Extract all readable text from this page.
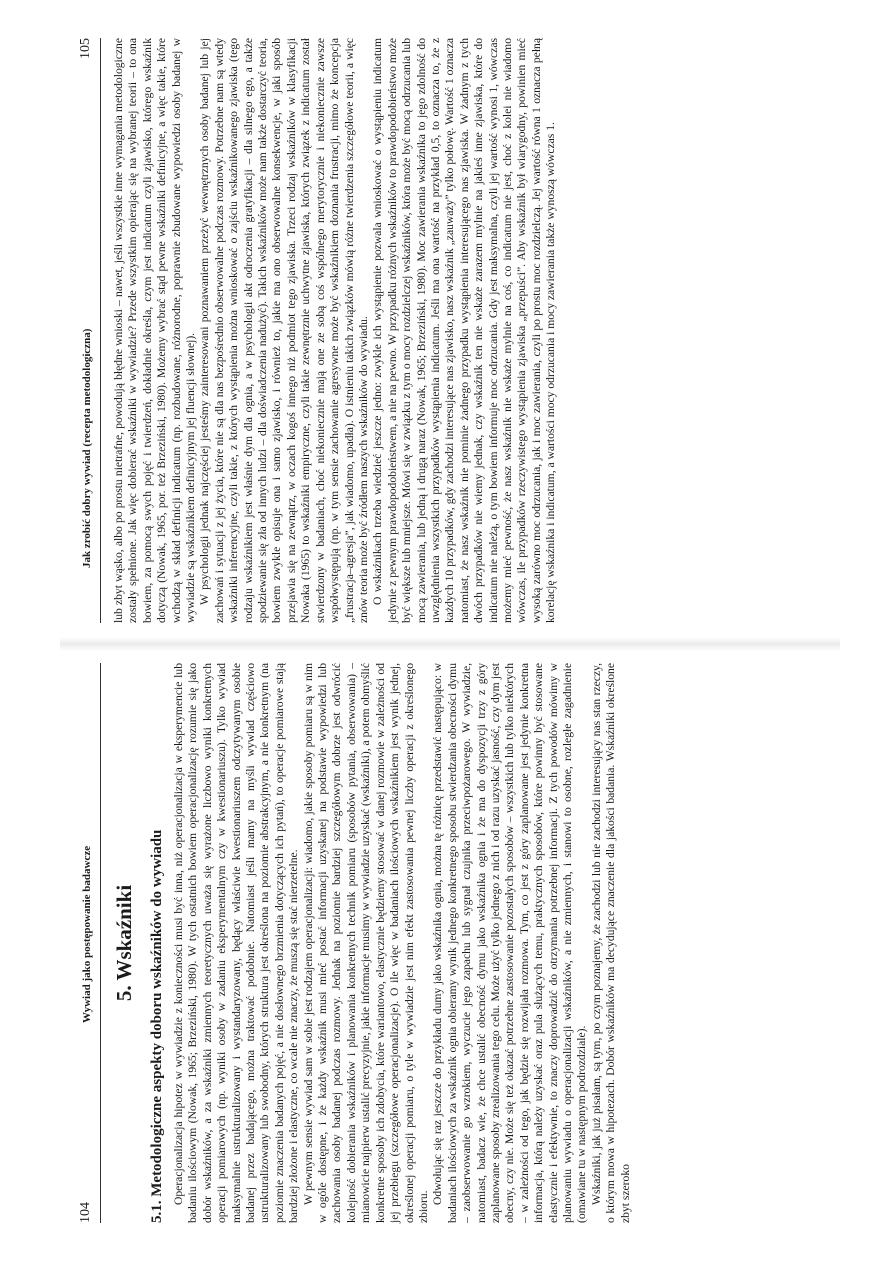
104
Wywiad jako postępowanie badawcze 5. Wskaźniki 5.1. Metodologiczne aspekty doboru wskaźników do wywiadu Operacjonalizacja hipotez w wywiadzie z konieczności musi być inna, niż operacjonalizacja w eksperymencie lub badaniu ilościowym (Nowak, 1965; Brzeziński, 1980). W tych ostatnich bowiem operacjonalizację rozumie się jako dobór wskaźników, a za wskaźniki zmiennych teoretycznych uważa się wyrażone liczbowo wyniki konkretnych operacji pomiarowych (np. wyniki osoby w zadaniu eksperymentalnym czy w kwestionariuszu). Tylko wywiad maksymalnie ustrukturalizowany i wystandaryzowany, będący właściwie kwestionariuszem odczytywanym osobie badanej przez badającego, można traktować podobnie. Natomiast jeśli mamy na myśli wywiad częściowo ustrukturalizowany lub swobodny, których struktura jest określona na poziomie abstrakcyjnym, a nie konkretnym (na poziomie znaczenia badanych pojęć, a nie dosłownego brzmienia dotyczących ich pytań), to operacje pomiarowe stają bardziej złożone i elastyczne, co wcale nie znaczy, że muszą się stać nierzetelne. W pewnym sensie wywiad sam w sobie jest rodzajem operacjonalizacji: wiadomo, jakie sposoby pomiaru są w nim w ogóle dostępne, i że każdy wskaźnik musi mieć postać informacji uzyskanej na podstawie wypowiedzi lub zachowania osoby badanej podczas rozmowy. Jednak na poziomie bardziej szczegółowym dobrze jest odwrócić kolejność dobierania wskaźników i planowania konkretnych technik pomiaru (sposobów pytania, obserwowania) – mianowicie najpierw ustalić precyzyjnie, jakie informacje musimy w wywiadzie uzyskać (wskaźniki), a potem obmyślić konkretne sposoby ich zdobycia, które wariantowo, elastycznie będziemy stosować w danej rozmowie w zależności od jej przebiegu (szczegółowe operacjonalizacje). O ile więc w badaniach ilościowych wskaźnikiem jest wynik jednej, określonej operacji pomiaru, o tyle w wywiadzie jest nim efekt zastosowania pewnej liczby operacji z określonego zbioru.

Odwołując się raz jeszcze do przykładu dumy jako wskaźnika ognia, można tę różnicę przedstawić następująco: w badaniach ilościowych za wskaźnik ognia obieramy wynik jednego konkretnego sposobu stwierdzania obecności dymu – zaobserwowanie go wzrokiem, wyczucie jego zapachu lub sygnał czujnika przeciwpożarowego. W wywiadzie, natomiast, badacz wie, że chce ustalić obecność dymu jako wskaźnika ognia i że ma do dyspozycji trzy z góry zaplanowane sposoby zrealizowania tego celu. Może użyć tylko jednego z nich i od razu uzyskać jasność, czy dym jest obecny, czy nie. Może się też okazać potrzebne zastosowanie pozostałych sposobów – wszystkich lub tylko niektórych – w zależności od tego, jak będzie się rozwijała rozmowa. Tym, co jest z góry zaplanowane jest jedynie konkretna informacja, którą należy uzyskać oraz pula służących temu, praktycznych sposobów, które powinny być stosowane elastycznie i efektywnie, to znaczy doprowadzić do otrzymania potrzebnej informacji. Z tych powodów mówimy w planowaniu wywiadu o operacjonalizacji wskaźników, a nie zmiennych, i stanowi to osobne, rozległe zagadnienie (omawiane tu w następnym podrozdziale). Wskaźniki, jak już pisałam, są tym, po czym poznajemy, że zachodzi lub nie zachodzi interesujący nas stan rzeczy, o którym mowa w hipotezach. Dobór wskaźników ma decydujące znaczenie dla jakości badania. Wskaźniki określone zbyt szeroko

Jak zrobić dobry wywiad (recepta metodologiczna)
105 lub zbyt wąsko, albo po prostu nietrafne, powodują błędne wnioski – nawet, jeśli wszystkie inne wymagania metodologiczne zostały spełnione. Jak więc dobierać wskaźniki w wywiadzie? Przede wszystkim opierając się na wybranej teorii – to ona bowiem, za pomocą swych pojęć i twierdzeń, dokładnie określa, czym jest indicatum czyli zjawisko, którego wskaźnik dotyczą (Nowak, 1965, por. też Brzeziński, 1980). Możemy wybrać stąd pewne wskaźniki definicyjne, a więc takie, które wchodzą w skład definicji indicatum (np. rozbudowane, różnorodne, poprawnie zbudowane wypowiedzi osoby badanej w wywiadzie są wskaźnikiem definicyjnym jej fluencji słownej). W psychologii jednak najczęściej jesteśmy zainteresowani poznawaniem przeżyć wewnętrznych osoby badanej lub jej zachowań i sytuacji z jej życia, które nie są dla nas bezpośrednio obserwowalne podczas rozmowy. Potrzebne nam są wtedy wskaźniki inferencyjne, czyli takie, z których wystąpienia można wnioskować o zajściu wskaźnikowanego zjawiska (tego rodzaju wskaźnikiem jest właśnie dym dla ognia, a w psychologii akt odroczenia gratyfikacji – dla silnego ego, a także spodziewanie się zła od innych ludzi – dla doświadczenia nadużyć). Takich wskaźników może nam także dostarczyć teoria, bowiem zwykle opisuje ona i samo zjawisko, i również to, jakie ma ono obserwowalne konsekwencje, w jaki sposób przejawia się na zewnątrz, w oczach kogoś innego niż podmiot tego zjawiska. Trzeci rodzaj wskaźników w klasyfikacji Nowaka (1965) to wskaźniki empiryczne, czyli takie zewnętrznie uchwytne zjawiska, których związek z indicatum został stwierdzony w badaniach, choć niekoniecznie mają one ze sobą coś wspólnego merytorycznie i niekoniecznie zawsze współwystępują (np. w tym sensie zachowanie agresywne może być wskaźnikiem doznania frustracji, mimo że koncepcja „frustracja–agresja”, jak wiadomo, upadła). O istnieniu takich związków mówią różne twierdzenia szczegółowe teorii, a więc znów teoria może być źródłem naszych wskaźników do wywiadu. O wskaźnikach trzeba wiedzieć jeszcze jedno: zwykle ich wystąpienie pozwala wnioskować o wystąpieniu indicatum jedynie z pewnym prawdopodobieństwem, a nie na pewno. W przypadku różnych wskaźników to prawdopodobieństwo może być większe lub mniejsze. Mówi się w związku z tym o mocy rozdzielczej wskaźników, która może być mocą odrzucania lub mocą zawierania, lub jedną i drugą naraz (Nowak, 1965; Brzeziński, 1980). Moc zawierania wskaźnika to jego zdolność do uwzględnienia wszystkich przypadków wystąpienia indicatum. Jeśli ma ona wartość na przykład 0,5, to oznacza to, że z każdych 10 przypadków, gdy zachodzi interesujące nas zjawisko, nasz wskaźnik „zauważy” tylko połowę. Wartość 1 oznacza natomiast, że nasz wskaźnik nie pominie żadnego przypadku wystąpienia interesującego nas zjawiska. W żadnym z tych dwóch przypadków nie wiemy jednak, czy wskaźnik ten nie wskaże zarazem mylnie na jakieś inne zjawiska, które do indicatum nie należą, o tym bowiem informuje moc odrzucania. Gdy jest maksymalna, czyli jej wartość wynosi 1, wówczas możemy mieć pewność, że nasz wskaźnik nie wskaże mylnie na coś, co indicatum nie jest, choć z kolei nie wiadomo wówczas, ile przypadków rzeczywistego wystąpienia zjawiska „przepuści”. Aby wskaźnik był wiarygodny, powinien mieć wysoką zarówno moc odrzucania, jak i moc zawierania, czyli po prostu moc rozdzielczą. Jej wartość równa 1 oznacza pełną korelację wskaźnika i indicatum, a wartości mocy odrzucania i mocy zawierania także wynoszą wówczas 1.
